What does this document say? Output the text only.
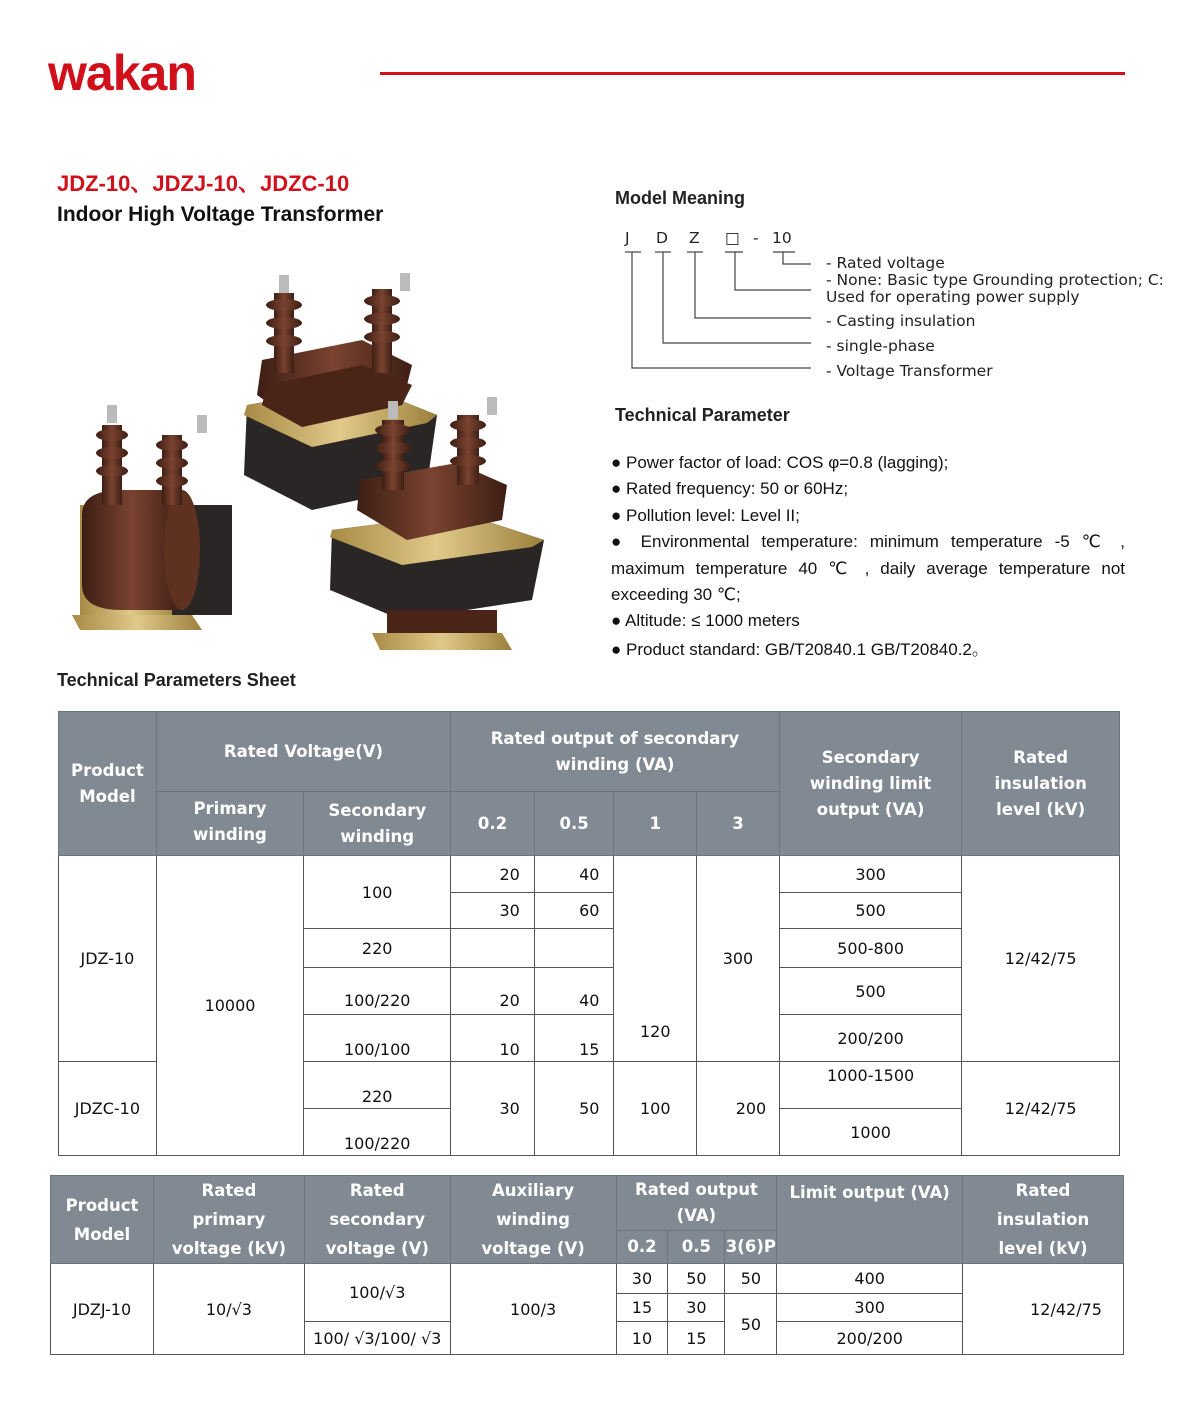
wakan
JDZ-10、JDZJ-10、JDZC-10
Indoor High Voltage Transformer
Model Meaning
J D Z □ - 10
- Rated voltage
- None: Basic type Grounding protection; C:
Used for operating power supply
- Casting insulation
- single-phase
- Voltage Transformer
Technical Parameter
● Power factor of load: COS φ=0.8 (lagging);
● Rated frequency: 50 or 60Hz;
● Pollution level: Level II;
● Environmental temperature: minimum temperature -5 ℃ , maximum temperature 40 ℃ , daily average temperature not exceeding 30 ℃;
● Altitude: ≤ 1000 meters
● Product standard: GB/T20840.1 GB/T20840.2。
Technical Parameters Sheet
Product Model	Rated Voltage(V)		Rated output of secondary winding (VA)				Secondary winding limit output (VA)	Rated insulation level (kV)
	Primary winding	Secondary winding	0.2	0.5	1	3		
JDZ-10	10000	100	20	40	120	300	300	12/42/75
			30	60			500	
		220					500-800	
		100/220	20	40			500	
		100/100	10	15			200/200	
JDZC-10		220	30	50	100	200	1000-1500	12/42/75
		100/220					1000	
Product Model	Rated primary voltage (kV)	Rated secondary voltage (V)	Auxiliary winding voltage (V)	Rated output (VA)			Limit output (VA)	Rated insulation level (kV)
				0.2	0.5	3(6)P		
JDZJ-10	10/√3	100/√3	100/3	30	50	50	400	12/42/75
				15	30	50	300	
		100/ √3/100/ √3		10	15		200/200	
